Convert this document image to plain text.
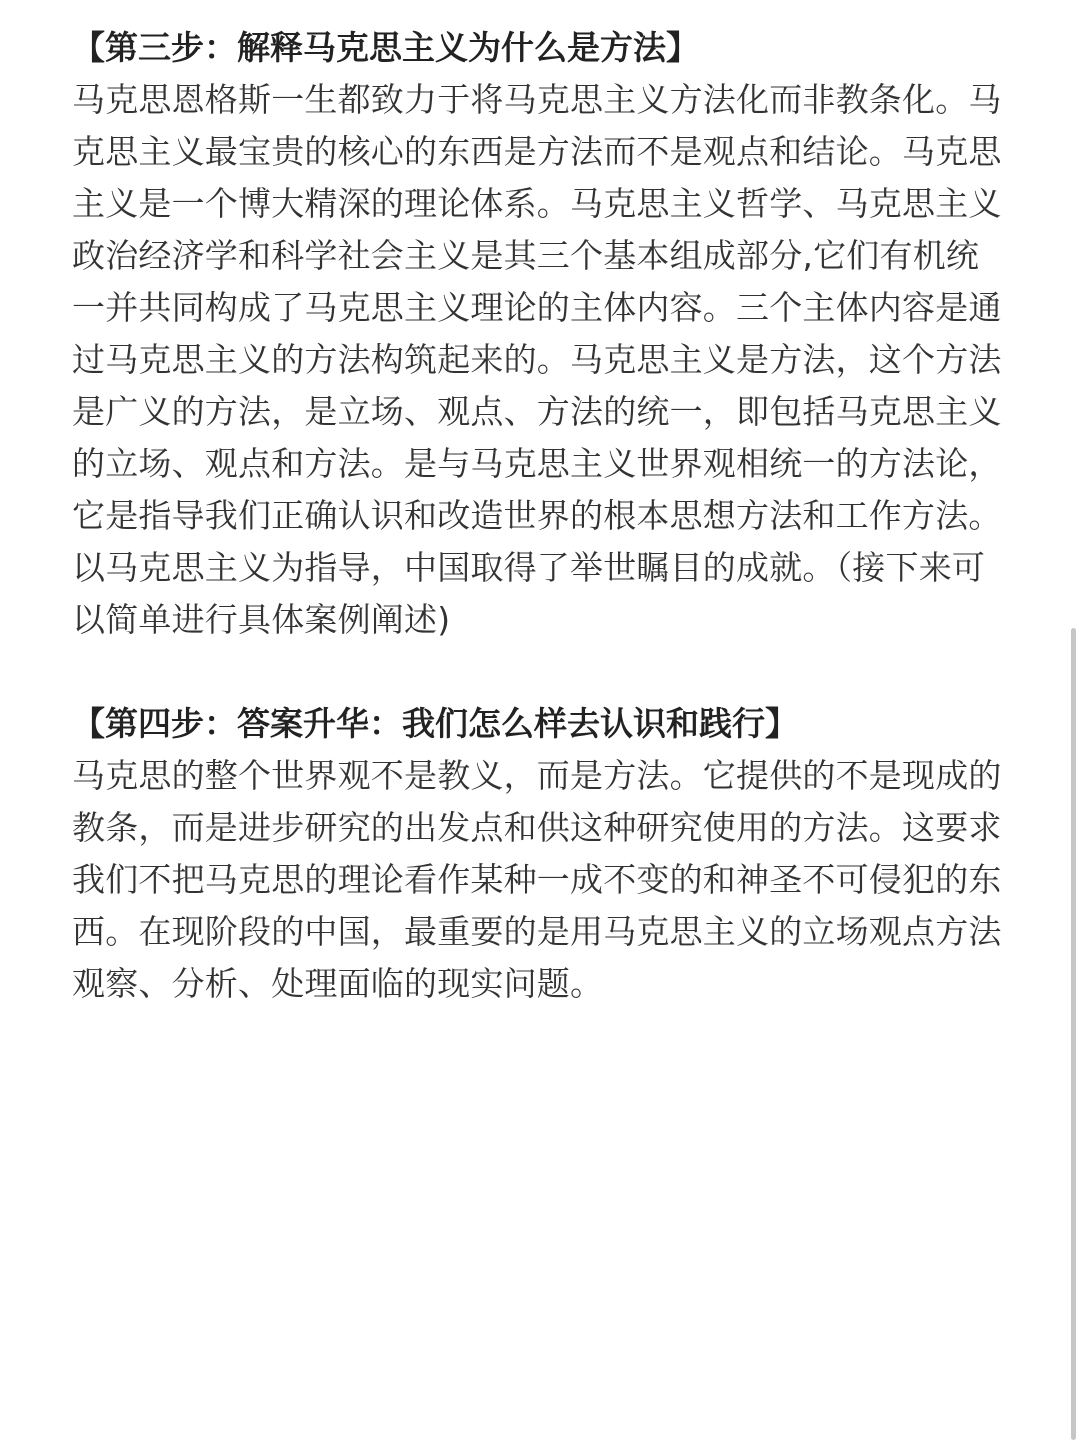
【第三步：解释马克思主义为什么是方法】

马克思恩格斯一生都致力于将马克思主义方法化而非教条化。马克思主义最宝贵的核心的东西是方法而不是观点和结论。马克思主义是一个博大精深的理论体系。马克思主义哲学、马克思主义政治经济学和科学社会主义是其三个基本组成部分,它们有机统一并共同构成了马克思主义理论的主体内容。三个主体内容是通过马克思主义的方法构筑起来的。马克思主义是方法，这个方法是广义的方法，是立场、观点、方法的统一，即包括马克思主义的立场、观点和方法。是与马克思主义世界观相统一的方法论，它是指导我们正确认识和改造世界的根本思想方法和工作方法。以马克思主义为指导，中国取得了举世瞩目的成就。（接下来可以简单进行具体案例阐述)

【第四步：答案升华：我们怎么样去认识和践行】

马克思的整个世界观不是教义，而是方法。它提供的不是现成的教条，而是进步研究的出发点和供这种研究使用的方法。这要求我们不把马克思的理论看作某种一成不变的和神圣不可侵犯的东西。在现阶段的中国，最重要的是用马克思主义的立场观点方法观察、分析、处理面临的现实问题。
